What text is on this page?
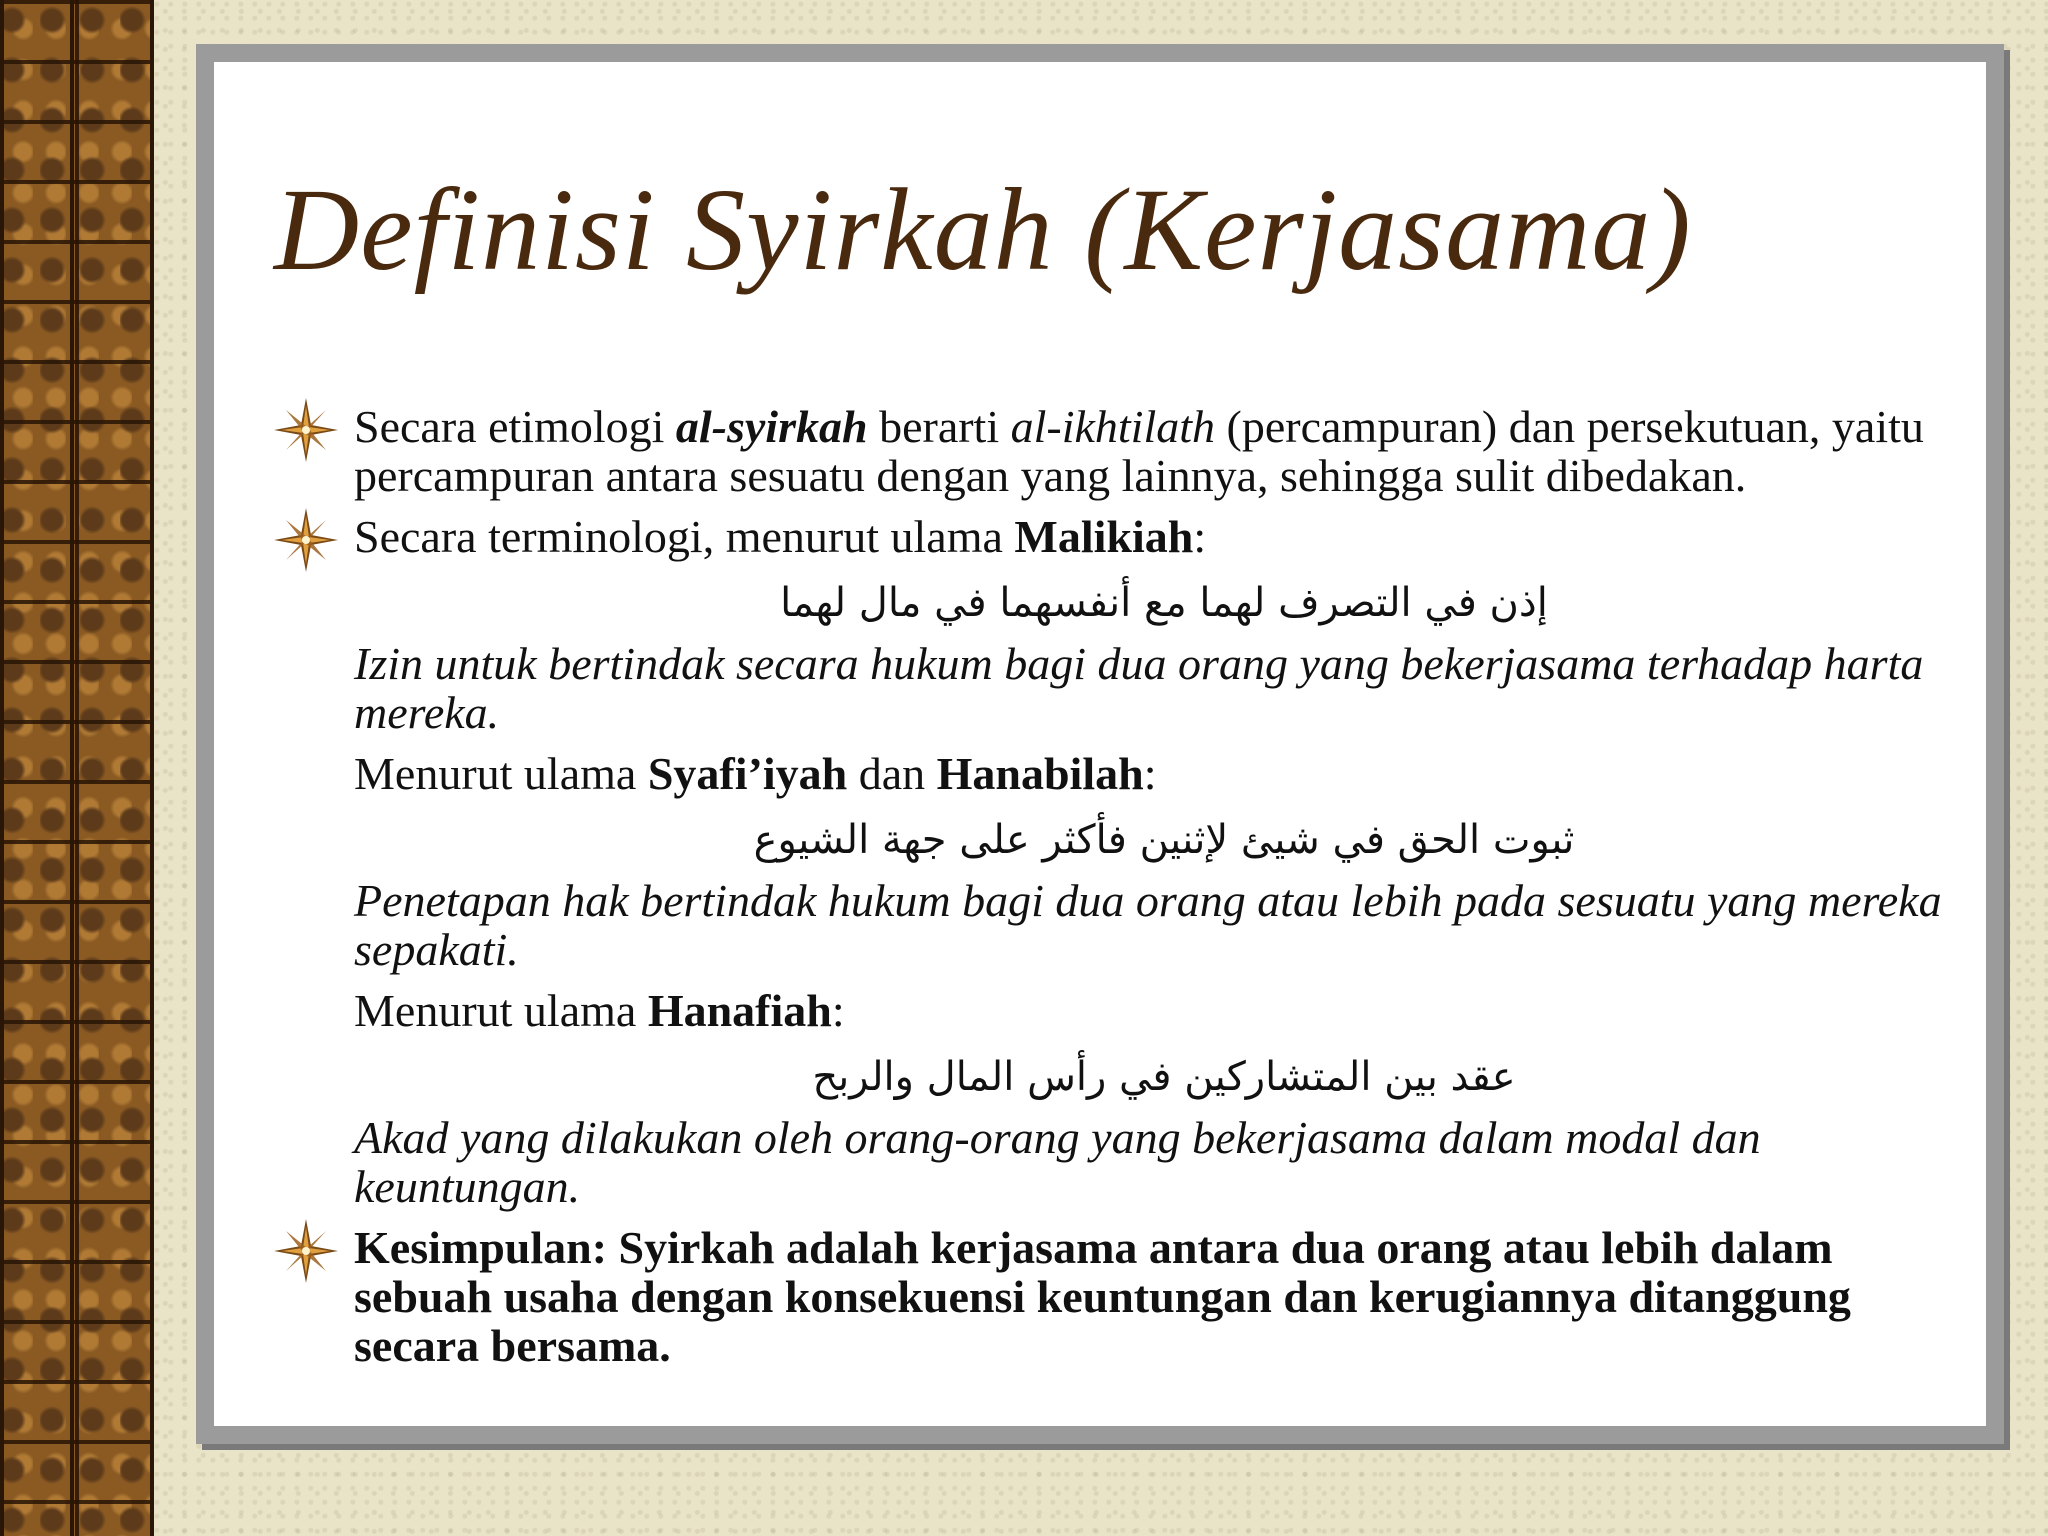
Definisi Syirkah (Kerjasama)
Secara etimologi al-syirkah berarti al-ikhtilath (percampuran) dan persekutuan, yaitu percampuran antara sesuatu dengan yang lainnya, sehingga sulit dibedakan.
Secara terminologi, menurut ulama Malikiah:
إذن في التصرف لهما مع أنفسهما في مال لهما
Izin untuk bertindak secara hukum bagi dua orang yang bekerjasama terhadap harta mereka.
Menurut ulama Syafi’iyah dan Hanabilah:
ثبوت الحق في شيئ لإثنين فأكثر على جهة الشيوع
Penetapan hak bertindak hukum bagi dua orang atau lebih pada sesuatu yang mereka sepakati.
Menurut ulama Hanafiah:
عقد بين المتشاركين في رأس المال والربح
Akad yang dilakukan oleh orang-orang yang bekerjasama dalam modal dan keuntungan.
Kesimpulan: Syirkah adalah kerjasama antara dua orang atau lebih dalam sebuah usaha dengan konsekuensi keuntungan dan kerugiannya ditanggung secara bersama.
